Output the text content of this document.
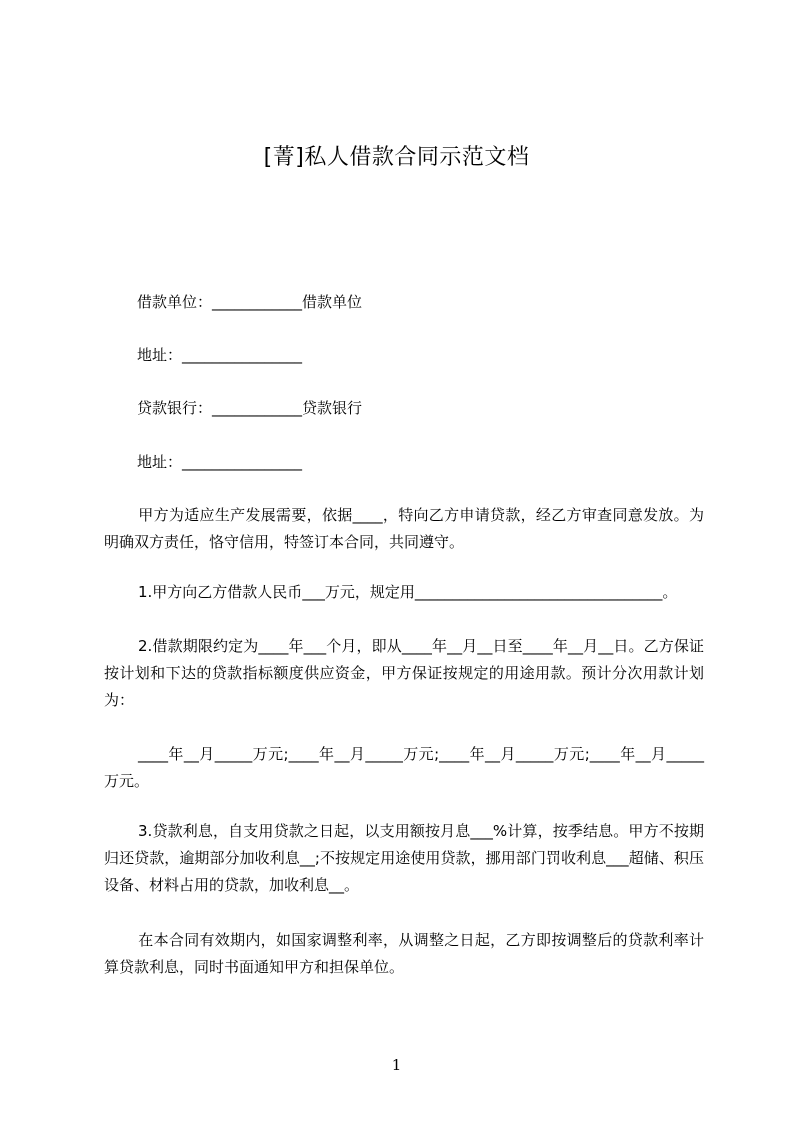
[菁]私人借款合同示范文档
借款单位：____________借款单位
地址：________________
贷款银行：____________贷款银行
地址：________________
甲方为适应生产发展需要，依据____，特向乙方申请贷款，经乙方审查同意发放。为明确双方责任，恪守信用，特签订本合同，共同遵守。
1.甲方向乙方借款人民币___万元，规定用_________________________________。
2.借款期限约定为____年___个月，即从____年__月__日至____年__月__日。乙方保证按计划和下达的贷款指标额度供应资金，甲方保证按规定的用途用款。预计分次用款计划为：
____年__月_____万元;____年__月_____万元;____年__月_____万元;____年__月_____万元。
3.贷款利息，自支用贷款之日起，以支用额按月息___%计算，按季结息。甲方不按期归还贷款，逾期部分加收利息__;不按规定用途使用贷款，挪用部门罚收利息___超储、积压设备、材料占用的贷款，加收利息__。
在本合同有效期内，如国家调整利率，从调整之日起，乙方即按调整后的贷款利率计算贷款利息，同时书面通知甲方和担保单位。
1
